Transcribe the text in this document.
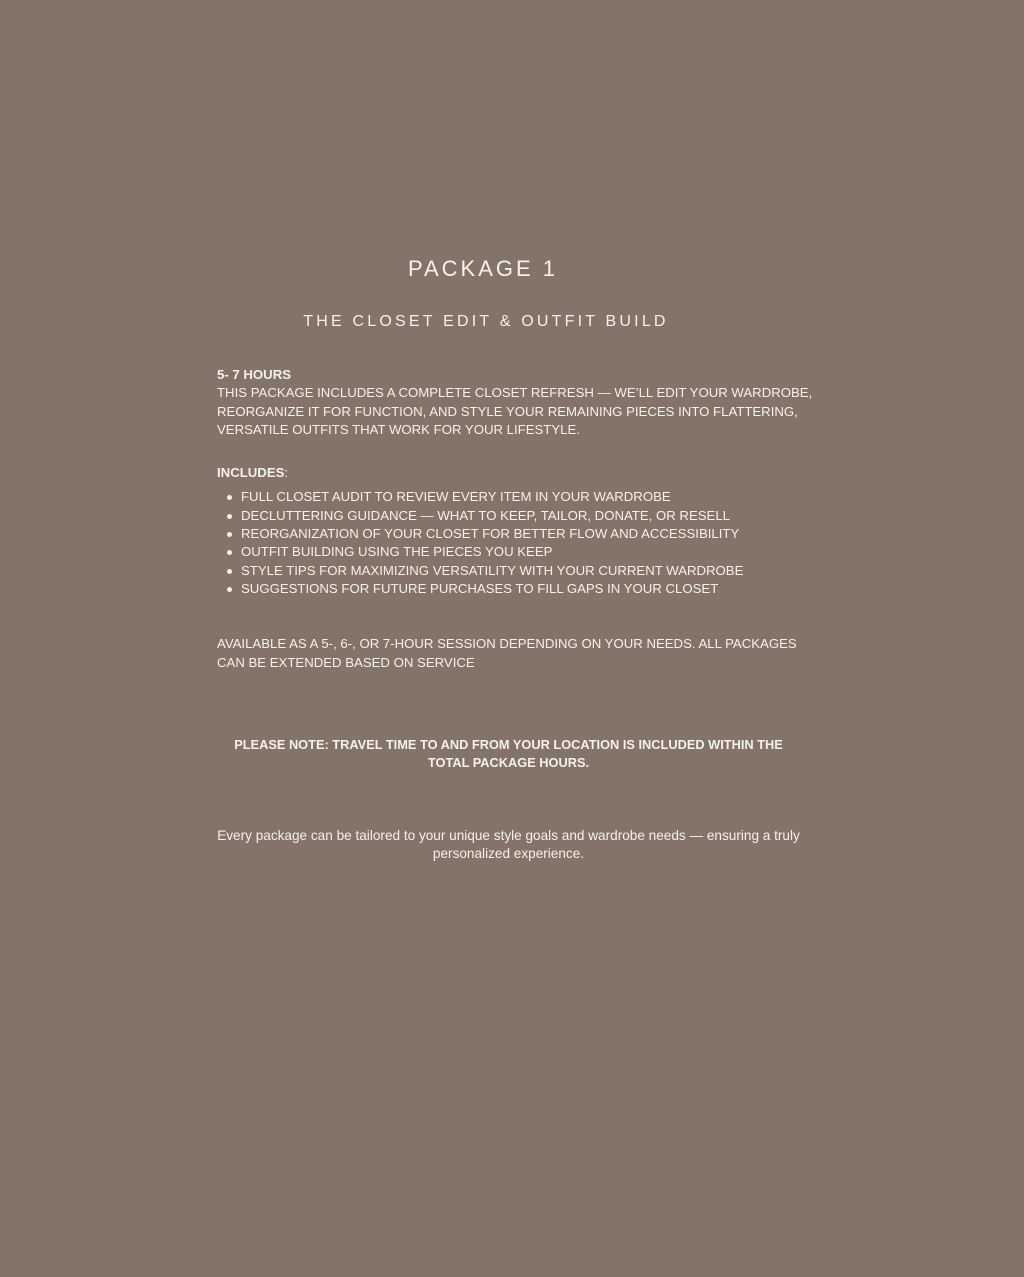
PACKAGE 1
THE CLOSET EDIT & OUTFIT BUILD

5- 7 HOURS

THIS PACKAGE INCLUDES A COMPLETE CLOSET REFRESH — WE’LL EDIT YOUR WARDROBE, REORGANIZE IT FOR FUNCTION, AND STYLE YOUR REMAINING PIECES INTO FLATTERING, VERSATILE OUTFITS THAT WORK FOR YOUR LIFESTYLE.

INCLUDES:

FULL CLOSET AUDIT TO REVIEW EVERY ITEM IN YOUR WARDROBE
DECLUTTERING GUIDANCE — WHAT TO KEEP, TAILOR, DONATE, OR RESELL
REORGANIZATION OF YOUR CLOSET FOR BETTER FLOW AND ACCESSIBILITY
OUTFIT BUILDING USING THE PIECES YOU KEEP
STYLE TIPS FOR MAXIMIZING VERSATILITY WITH YOUR CURRENT WARDROBE
SUGGESTIONS FOR FUTURE PURCHASES TO FILL GAPS IN YOUR CLOSET

AVAILABLE AS A 5-, 6-, OR 7-HOUR SESSION DEPENDING ON YOUR NEEDS. ALL PACKAGES CAN BE EXTENDED BASED ON SERVICE

PLEASE NOTE: TRAVEL TIME TO AND FROM YOUR LOCATION IS INCLUDED WITHIN THE TOTAL PACKAGE HOURS.

Every package can be tailored to your unique style goals and wardrobe needs — ensuring a truly personalized experience.
